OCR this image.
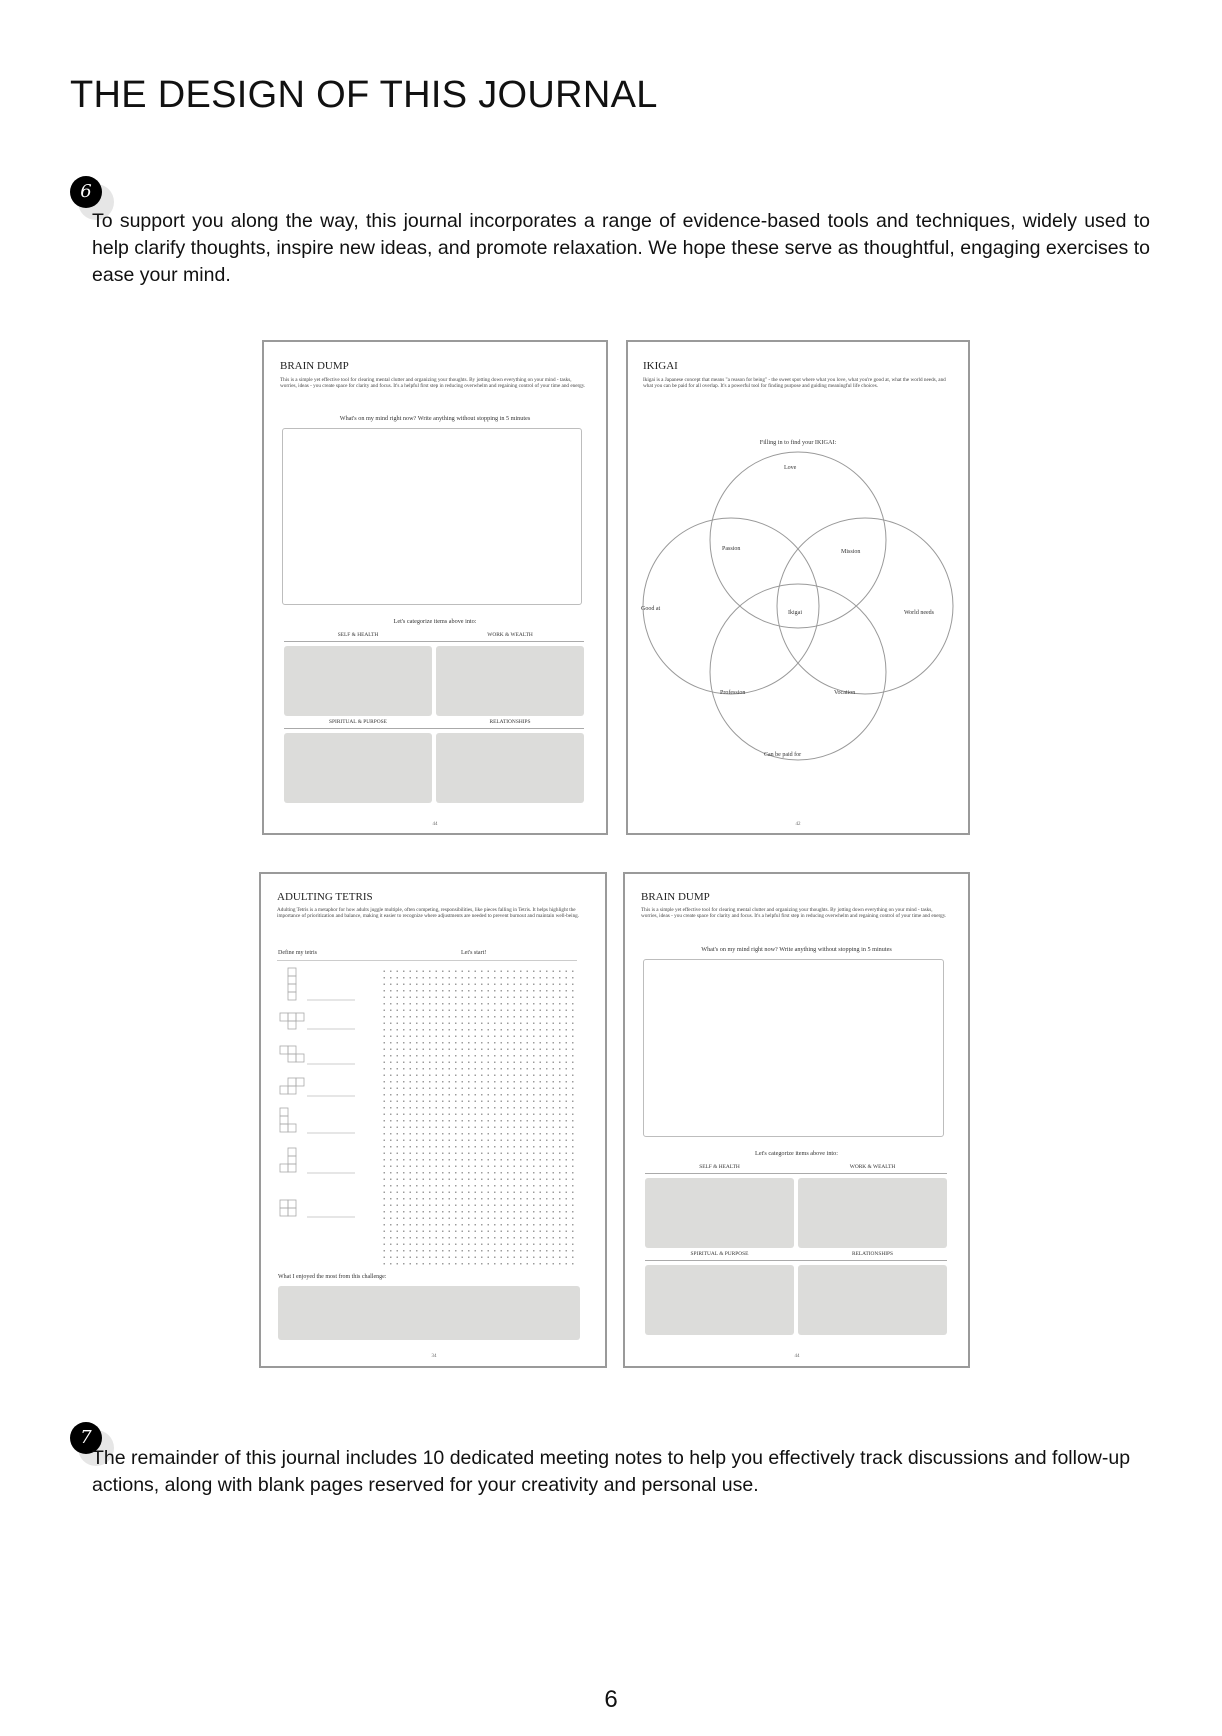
THE DESIGN OF THIS JOURNAL
6

To support you along the way, this journal incorporates a range of evidence-based tools and techniques, widely used to help clarify thoughts, inspire new ideas, and promote relaxation. We hope these serve as thoughtful, engaging exercises to ease your mind.

BRAIN DUMP
This is a simple yet effective tool for clearing mental clutter and organizing your thoughts. By jotting down everything on your mind - tasks, worries, ideas - you create space for clarity and focus. It's a helpful first step in reducing overwhelm and regaining control of your time and energy.
What's on my mind right now? Write anything without stopping in 5 minutes
Let's categorize items above into:
SELF & HEALTH	WORK & WEALTH
SPIRITUAL & PURPOSE	RELATIONSHIPS
44
IKIGAI
Ikigai is a Japanese concept that means "a reason for being" - the sweet spot where what you love, what you're good at, what the world needs, and what you can be paid for all overlap. It's a powerful tool for finding purpose and guiding meaningful life choices.
Filling in to find your IKIGAI:
Love
Passion	Mission
Good at
Ikigai	World needs
Profession	Vocation
Can be paid for
42
ADULTING TETRIS
Adulting Tetris is a metaphor for how adults juggle multiple, often competing, responsibilities, like pieces falling in Tetris. It helps highlight the importance of prioritization and balance, making it easier to recognize where adjustments are needed to prevent burnout and maintain well-being.
Define my tetris	Let's start!
What I enjoyed the most from this challenge:
34
BRAIN DUMP
This is a simple yet effective tool for clearing mental clutter and organizing your thoughts. By jotting down everything on your mind - tasks, worries, ideas - you create space for clarity and focus. It's a helpful first step in reducing overwhelm and regaining control of your time and energy.
What's on my mind right now? Write anything without stopping in 5 minutes
Let's categorize items above into:
SELF & HEALTH	WORK & WEALTH
SPIRITUAL & PURPOSE	RELATIONSHIPS
44
7

The remainder of this journal includes 10 dedicated meeting notes to help you effectively track discussions and follow-up actions, along with blank pages reserved for your creativity and personal use.

6
